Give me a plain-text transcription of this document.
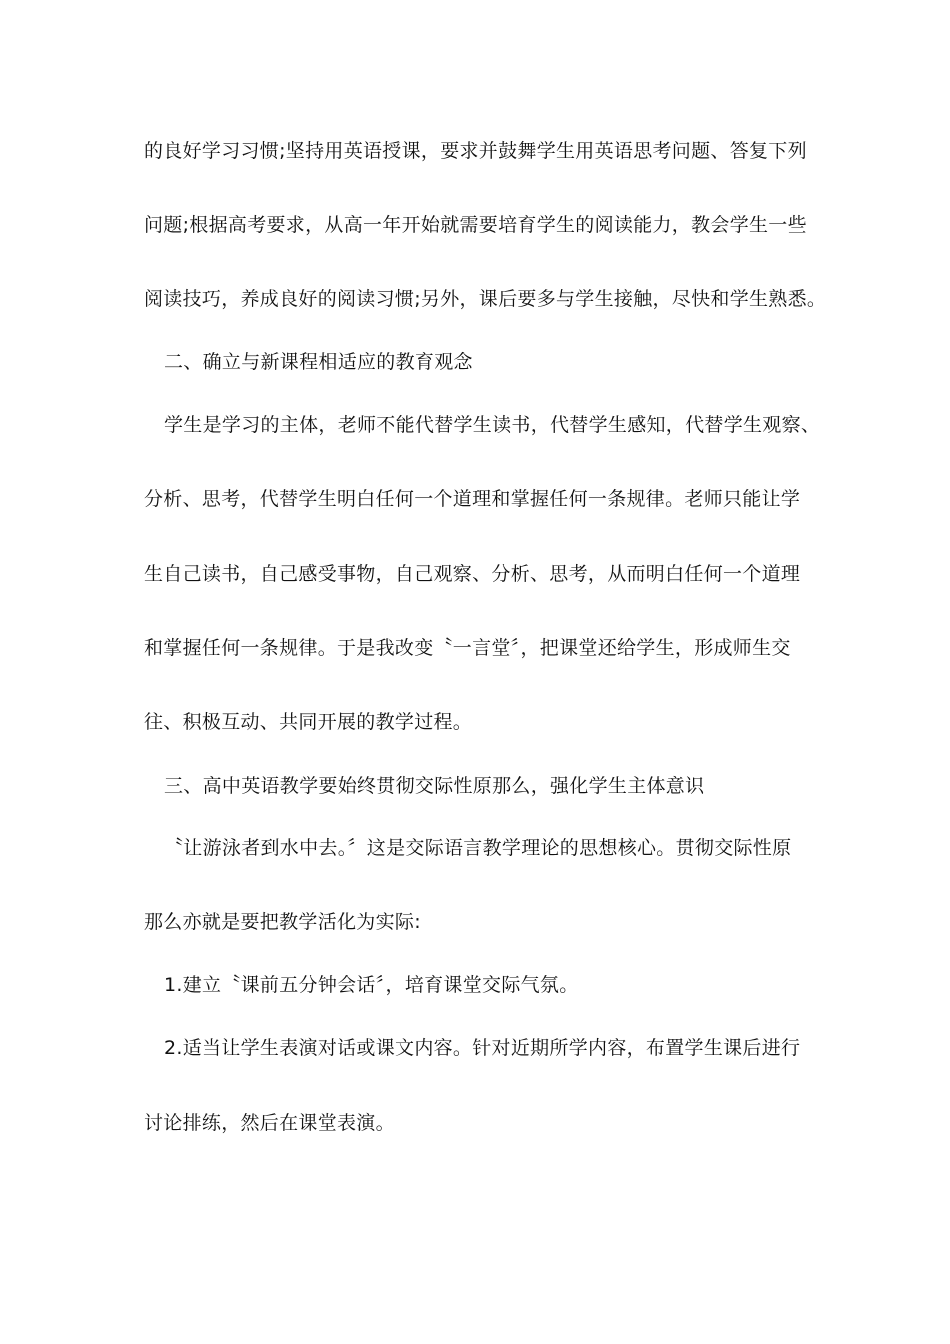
的良好学习习惯;坚持用英语授课，要求并鼓舞学生用英语思考问题、答复下列
问题;根据高考要求，从高一年开始就需要培育学生的阅读能力，教会学生一些
阅读技巧，养成良好的阅读习惯;另外，课后要多与学生接触，尽快和学生熟悉。
二、确立与新课程相适应的教育观念
学生是学习的主体，老师不能代替学生读书，代替学生感知，代替学生观察、
分析、思考，代替学生明白任何一个道理和掌握任何一条规律。老师只能让学
生自己读书，自己感受事物，自己观察、分析、思考，从而明白任何一个道理
和掌握任何一条规律。于是我改变〝一言堂〞，把课堂还给学生，形成师生交
往、积极互动、共同开展的教学过程。
三、高中英语教学要始终贯彻交际性原那么，强化学生主体意识
〝让游泳者到水中去。〞这是交际语言教学理论的思想核心。贯彻交际性原
那么亦就是要把教学活化为实际:
1.建立〝课前五分钟会话〞，培育课堂交际气氛。
2.适当让学生表演对话或课文内容。针对近期所学内容，布置学生课后进行
讨论排练，然后在课堂表演。
